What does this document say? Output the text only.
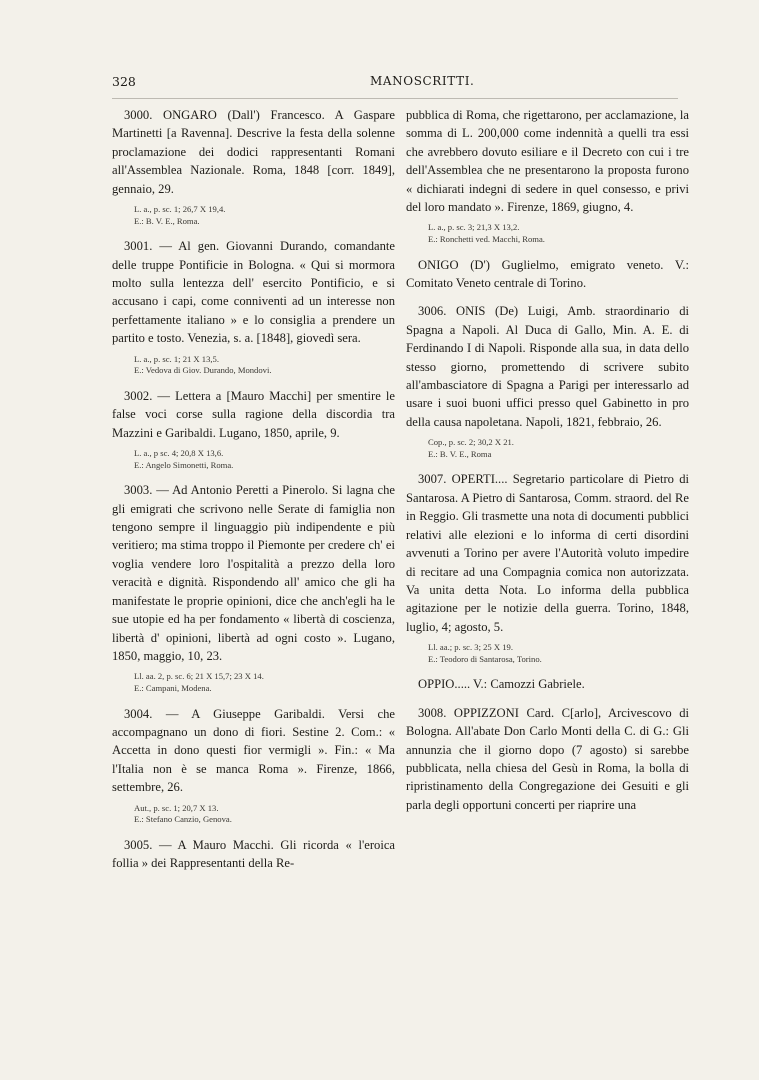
328	MANOSCRITTI.

3000. ONGARO (Dall') Francesco. A Gaspare Martinetti [a Ravenna]. Descrive la festa della solenne proclamazione dei dodici rappresentanti Romani all'Assemblea Nazionale. Roma, 1848 [corr. 1849], gennaio, 29.

L. a., p. sc. 1; 26,7 X 19,4.

E.: B. V. E., Roma.

3001. — Al gen. Giovanni Durando, comandante delle truppe Pontificie in Bologna. « Qui si mormora molto sulla lentezza dell' esercito Pontificio, e si accusano i capi, come conniventi ad un interesse non perfettamente italiano » e lo consiglia a prendere un partito e tosto. Venezia, s. a. [1848], giovedì sera.

L. a., p. sc. 1; 21 X 13,5.

E.: Vedova di Giov. Durando, Mondovi.

3002. — Lettera a [Mauro Macchi] per smentire le false voci corse sulla ragione della discordia tra Mazzini e Garibaldi. Lugano, 1850, aprile, 9.

L. a., p sc. 4; 20,8 X 13,6.

E.: Angelo Simonetti, Roma.

3003. — Ad Antonio Peretti a Pinerolo. Si lagna che gli emigrati che scrivono nelle Serate di famiglia non tengono sempre il linguaggio più indipendente e più veritiero; ma stima troppo il Piemonte per credere ch' ei voglia vendere loro l'ospitalità a prezzo della loro veracità e dignità. Rispondendo all' amico che gli ha manifestate le proprie opinioni, dice che anch'egli ha le sue utopie ed ha per fondamento « libertà di coscienza, libertà d' opinioni, libertà ad ogni costo ». Lugano, 1850, maggio, 10, 23.

Ll. aa. 2, p. sc. 6; 21 X 15,7; 23 X 14.

E.: Campani, Modena.

3004. — A Giuseppe Garibaldi. Versi che accompagnano un dono di fiori. Sestine 2. Com.: « Accetta in dono questi fior vermigli ». Fin.: « Ma l'Italia non è se manca Roma ». Firenze, 1866, settembre, 26.

Aut., p. sc. 1; 20,7 X 13.

E.: Stefano Canzio, Genova.

3005. — A Mauro Macchi. Gli ricorda « l'eroica follia » dei Rappresentanti della Re-

pubblica di Roma, che rigettarono, per acclamazione, la somma di L. 200,000 come indennità a quelli tra essi che avrebbero dovuto esiliare e il Decreto con cui i tre dell'Assemblea che ne presentarono la proposta furono « dichiarati indegni di sedere in quel consesso, e privi del loro mandato ». Firenze, 1869, giugno, 4.

L. a., p. sc. 3; 21,3 X 13,2.

E.: Ronchetti ved. Macchi, Roma.

ONIGO (D') Guglielmo, emigrato veneto. V.: Comitato Veneto centrale di Torino.

3006. ONIS (De) Luigi, Amb. straordinario di Spagna a Napoli. Al Duca di Gallo, Min. A. E. di Ferdinando I di Napoli. Risponde alla sua, in data dello stesso giorno, promettendo di scrivere subito all'ambasciatore di Spagna a Parigi per interessarlo ad usare i suoi buoni uffici presso quel Gabinetto in pro della causa napoletana. Napoli, 1821, febbraio, 26.

Cop., p. sc. 2; 30,2 X 21.

E.: B. V. E., Roma

3007. OPERTI.... Segretario particolare di Pietro di Santarosa. A Pietro di Santarosa, Comm. straord. del Re in Reggio. Gli trasmette una nota di documenti pubblici relativi alle elezioni e lo informa di certi disordini avvenuti a Torino per avere l'Autorità voluto impedire di recitare ad una Compagnia comica non autorizzata. Va unita detta Nota. Lo informa della pubblica agitazione per le notizie della guerra. Torino, 1848, luglio, 4; agosto, 5.

Ll. aa.; p. sc. 3; 25 X 19.

E.: Teodoro di Santarosa, Torino.

OPPIO..... V.: Camozzi Gabriele.

3008. OPPIZZONI Card. C[arlo], Arcivescovo di Bologna. All'abate Don Carlo Monti della C. di G.: Gli annunzia che il giorno dopo (7 agosto) si sarebbe pubblicata, nella chiesa del Gesù in Roma, la bolla di ripristinamento della Congregazione dei Gesuiti e gli parla degli opportuni concerti per riaprire una
